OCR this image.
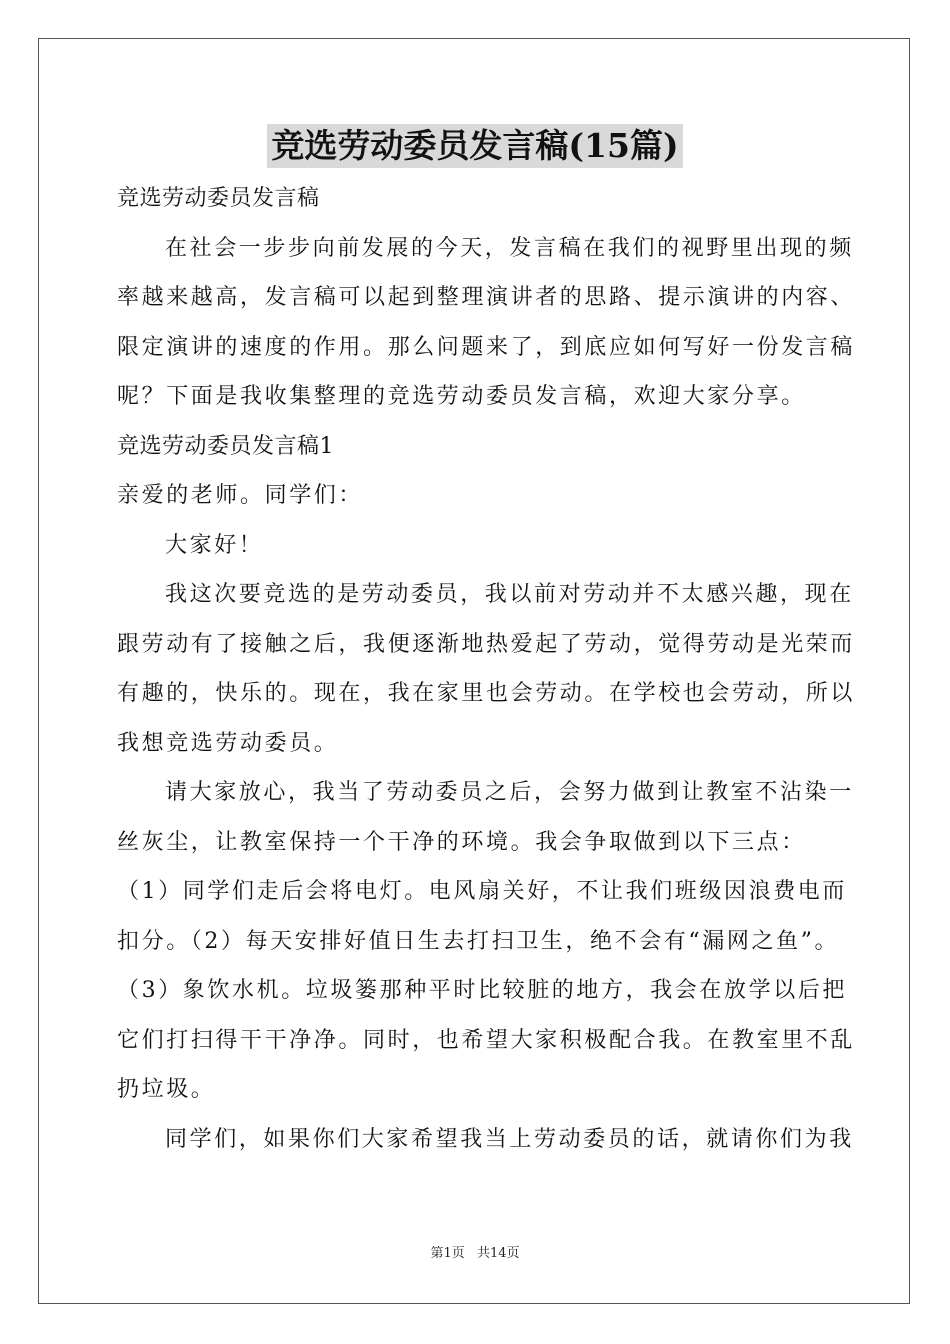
竞选劳动委员发言稿(15篇)
竞选劳动委员发言稿
在社会一步步向前发展的今天，发言稿在我们的视野里出现的频
率越来越高，发言稿可以起到整理演讲者的思路、提示演讲的内容、
限定演讲的速度的作用。那么问题来了，到底应如何写好一份发言稿
呢？下面是我收集整理的竞选劳动委员发言稿，欢迎大家分享。
竞选劳动委员发言稿1
亲爱的老师。同学们：
大家好！
我这次要竞选的是劳动委员，我以前对劳动并不太感兴趣，现在
跟劳动有了接触之后，我便逐渐地热爱起了劳动，觉得劳动是光荣而
有趣的，快乐的。现在，我在家里也会劳动。在学校也会劳动，所以
我想竞选劳动委员。
请大家放心，我当了劳动委员之后，会努力做到让教室不沾染一
丝灰尘，让教室保持一个干净的环境。我会争取做到以下三点：
（1）同学们走后会将电灯。电风扇关好，不让我们班级因浪费电而
扣分。（2）每天安排好值日生去打扫卫生，绝不会有“漏网之鱼”。
（3）象饮水机。垃圾篓那种平时比较脏的地方，我会在放学以后把
它们打扫得干干净净。同时，也希望大家积极配合我。在教室里不乱
扔垃圾。
同学们，如果你们大家希望我当上劳动委员的话，就请你们为我
第1页 共14页
